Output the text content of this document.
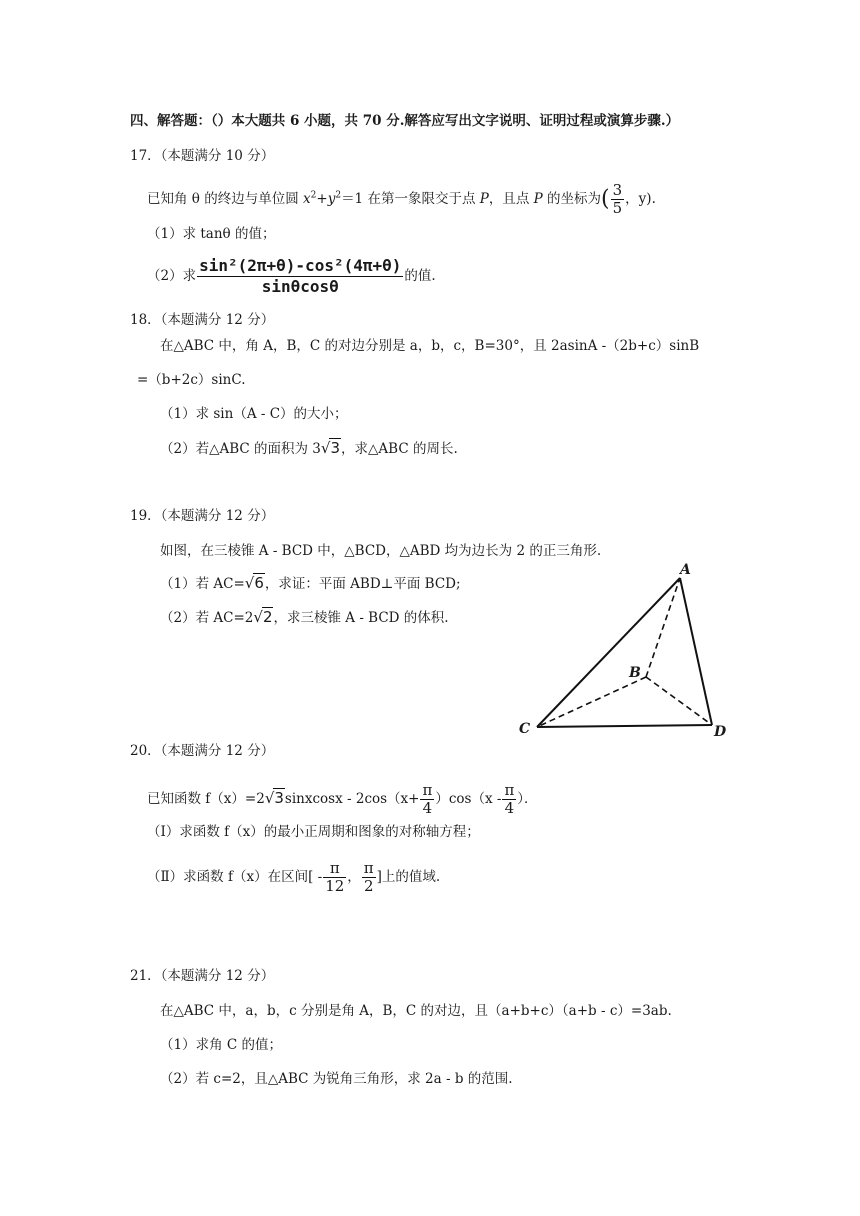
四、解答题：（）本大题共 6 小题，共 70 分.解答应写出文字说明、证明过程或演算步骤.）
17．（本题满分 10 分）
已知角 θ 的终边与单位圆 $x^2+y^2=1$ 在第一象限交于点 P，且点 P 的坐标为( $\frac{3}{5}$ ，y).
（1）求 tanθ 的值；
（2）求 $\frac{\text{sin²(2π+θ)-cos²(4π+θ)}}{\sin\theta\cos\theta}$ 的值.
18．（本题满分 12 分）
在△ABC 中，角 A，B，C 的对边分别是 a，b，c，B=30°，且 2asinA -（2b+c）sinB
=（b+2c）sinC.
（1）求 sin（A - C）的大小；
（2）若△ABC 的面积为 3√3，求△ABC 的周长.
19．（本题满分 12 分）
如图，在三棱锥 A - BCD 中，△BCD，△ABD 均为边长为 2 的正三角形.
（1）若 AC=√6，求证：平面 ABD⊥平面 BCD;
（2）若 AC=2√2，求三棱锥 A - BCD 的体积.
A
B
C	D
20．（本题满分 12 分）
已知函数 f（x）=2√3sinxcosx - $2\cos(x+ \frac{\pi}{4} )\cos(x - \frac{\pi}{4}$ ）．
（Ⅰ）求函数 f（x）的最小正周期和图象的对称轴方程；
（Ⅱ）求函数 f（x）在区间[ - $\frac{\pi}{12}$ ， $\frac{\pi}{2}$ ]上的值域.
21．（本题满分 12 分）
在△ABC 中，a，b，c 分别是角 A，B，C 的对边，且（a+b+c）（a+b - c）=3ab.
（1）求角 C 的值；
（2）若 c=2，且△ABC 为锐角三角形，求 2a - b 的范围.
